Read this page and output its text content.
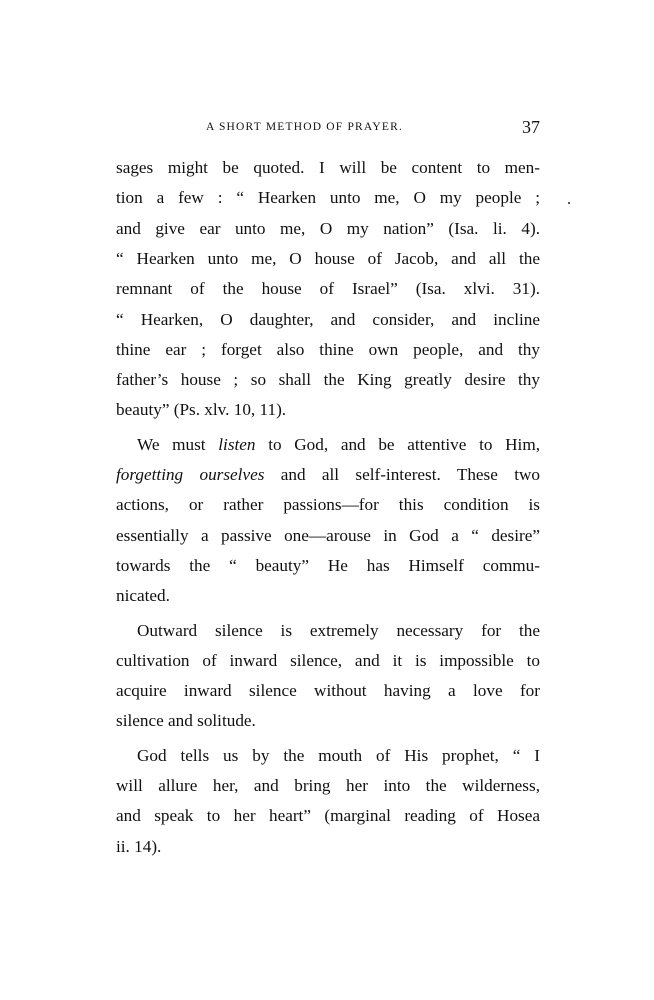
A SHORT METHOD OF PRAYER.	37
sages might be quoted. I will be content to men-
tion a few : “ Hearken unto me, O my people ;
and give ear unto me, O my nation” (Isa. li. 4).
“ Hearken unto me, O house of Jacob, and all the
remnant of the house of Israel” (Isa. xlvi. 31).
“ Hearken, O daughter, and consider, and incline
thine ear ; forget also thine own people, and thy
father’s house ; so shall the King greatly desire thy
beauty” (Ps. xlv. 10, 11).
We must listen to God, and be attentive to Him,
forgetting ourselves and all self-interest. These two
actions, or rather passions—for this condition is
essentially a passive one—arouse in God a “ desire”
towards the “ beauty” He has Himself commu-
nicated.
Outward silence is extremely necessary for the
cultivation of inward silence, and it is impossible to
acquire inward silence without having a love for
silence and solitude.
God tells us by the mouth of His prophet, “ I
will allure her, and bring her into the wilderness,
and speak to her heart” (marginal reading of Hosea
ii. 14).
